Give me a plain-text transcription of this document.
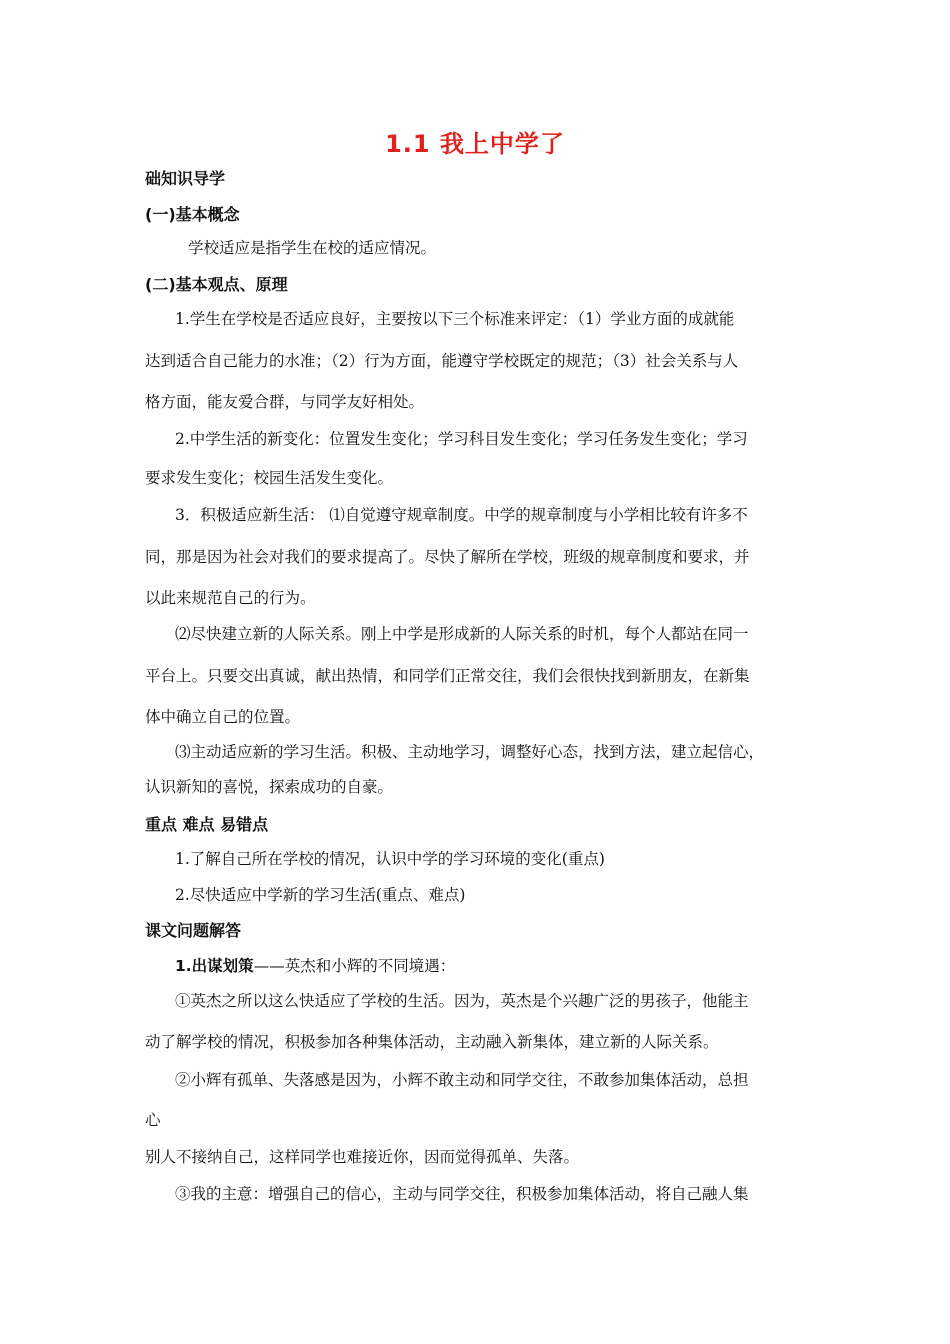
1.1 我上中学了
础知识导学
(一)基本概念
学校适应是指学生在校的适应情况。
(二)基本观点、原理
1.学生在学校是否适应良好，主要按以下三个标准来评定：（1）学业方面的成就能
达到适合自己能力的水准；（2）行为方面，能遵守学校既定的规范；（3）社会关系与人
格方面，能友爱合群，与同学友好相处。
2.中学生活的新变化：位置发生变化；学习科目发生变化；学习任务发生变化；学习
要求发生变化；校园生活发生变化。
3．积极适应新生活： ⑴自觉遵守规章制度。中学的规章制度与小学相比较有许多不
同，那是因为社会对我们的要求提高了。尽快了解所在学校，班级的规章制度和要求，并
以此来规范自己的行为。
⑵尽快建立新的人际关系。刚上中学是形成新的人际关系的时机，每个人都站在同一
平台上。只要交出真诚，献出热情，和同学们正常交往，我们会很快找到新朋友，在新集
体中确立自己的位置。
⑶主动适应新的学习生活。积极、主动地学习，调整好心态，找到方法，建立起信心，
认识新知的喜悦，探索成功的自豪。
重点 难点 易错点
1.了解自己所在学校的情况，认识中学的学习环境的变化(重点)
2.尽快适应中学新的学习生活(重点、难点)
课文问题解答
1.出谋划策——英杰和小辉的不同境遇：
①英杰之所以这么快适应了学校的生活。因为，英杰是个兴趣广泛的男孩子，他能主
动了解学校的情况，积极参加各种集体活动，主动融入新集体，建立新的人际关系。
②小辉有孤单、失落感是因为，小辉不敢主动和同学交往，不敢参加集体活动，总担
心
别人不接纳自己，这样同学也难接近你，因而觉得孤单、失落。
③我的主意：增强自己的信心，主动与同学交往，积极参加集体活动，将自己融人集
